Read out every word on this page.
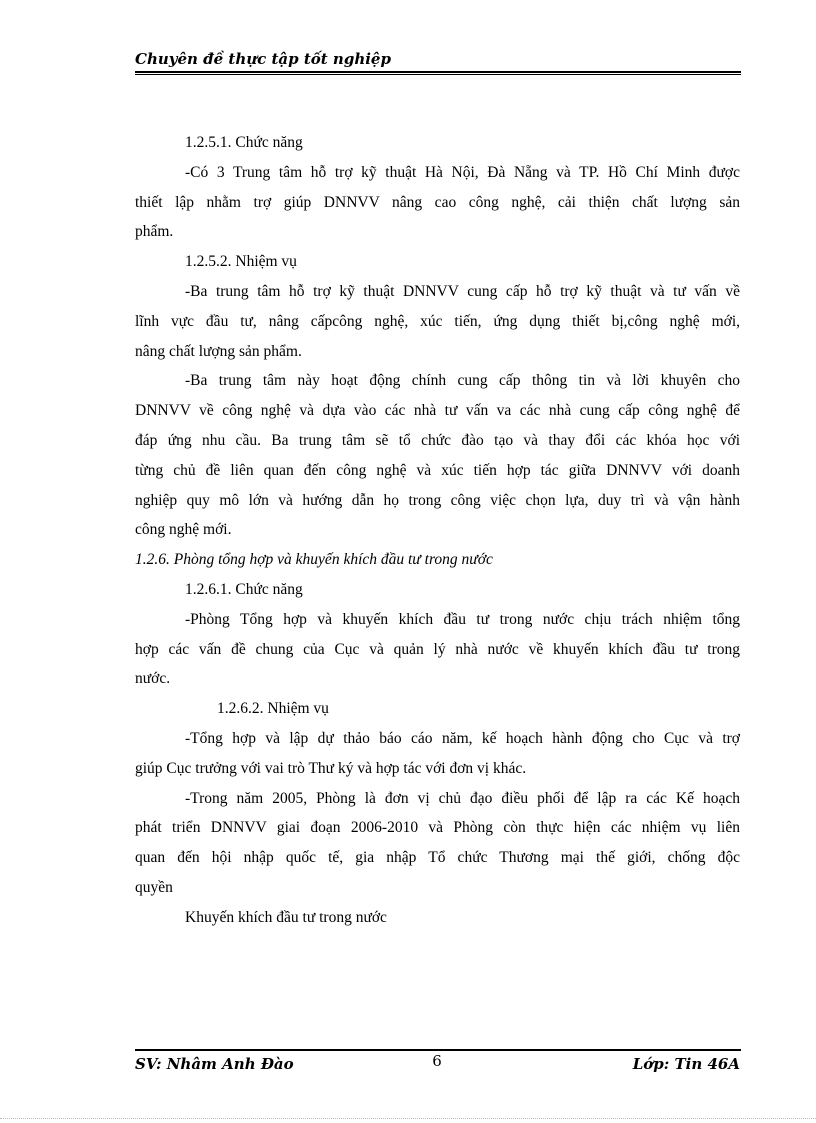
Chuyên đề thực tập tốt nghiệp
1.2.5.1. Chức năng
-Có 3 Trung tâm hỗ trợ kỹ thuật Hà Nội, Đà Nẵng và TP. Hồ Chí Minh được
thiết lập nhằm trợ giúp DNNVV nâng cao công nghệ, cải thiện chất lượng sản
phẩm.
1.2.5.2. Nhiệm vụ
-Ba trung tâm hỗ trợ kỹ thuật DNNVV cung cấp hỗ trợ kỹ thuật và tư vấn về
lĩnh vực đầu tư, nâng cấpcông nghệ, xúc tiến, ứng dụng thiết bị,công nghệ mới,
nâng chất lượng sản phẩm.
-Ba trung tâm này hoạt động chính cung cấp thông tin và lời khuyên cho
DNNVV về công nghệ và dựa vào các nhà tư vấn va các nhà cung cấp công nghệ để
đáp ứng nhu cầu. Ba trung tâm sẽ tổ chức đào tạo và thay đổi các khóa học với
từng chủ đề liên quan đến công nghệ và xúc tiến hợp tác giữa DNNVV với doanh
nghiệp quy mô lớn và hướng dẫn họ trong công việc chọn lựa, duy trì và vận hành
công nghệ mới.
1.2.6. Phòng tổng hợp và khuyến khích đầu tư trong nước
1.2.6.1. Chức năng
-Phòng Tổng hợp và khuyến khích đầu tư trong nước chịu trách nhiệm tổng
hợp các vấn đề chung của Cục và quản lý nhà nước về khuyến khích đầu tư trong
nước.
1.2.6.2. Nhiệm vụ
-Tổng hợp và lập dự thảo báo cáo năm, kế hoạch hành động cho Cục và trợ
giúp Cục trưởng với vai trò Thư ký và hợp tác với đơn vị khác.
-Trong năm 2005, Phòng là đơn vị chủ đạo điều phối để lập ra các Kế hoạch
phát triển DNNVV giai đoạn 2006-2010 và Phòng còn thực hiện các nhiệm vụ liên
quan đến hội nhập quốc tế, gia nhập Tổ chức Thương mại thế giới, chống độc
quyền
Khuyến khích đầu tư trong nước
SV: Nhâm Anh Đào	6	Lớp: Tin 46A
